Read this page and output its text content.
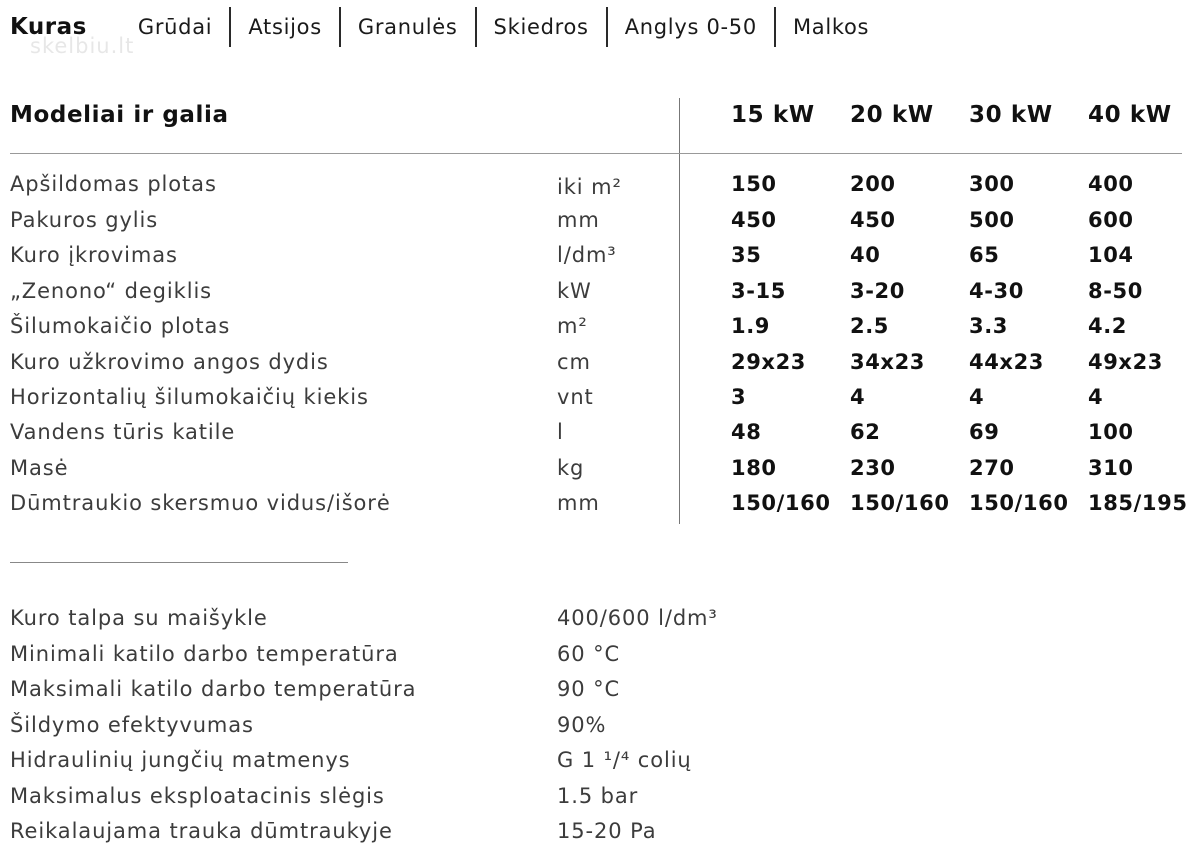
Kuras	Grūdai	Atsijos	Granulės	Skiedros	Anglys 0-50	Malkos
skelbiu.lt
Modeliai ir galia	15 kW 20 kW 30 kW 40 kW
Apšildomas plotas	iki m²	150	200	300	400
Pakuros gylis	mm	450	450	500	600
Kuro įkrovimas	l/dm³	35	40	65	104
„Zenono“ degiklis	kW	3-15	3-20	4-30	8-50
Šilumokaičio plotas	m²	1.9	2.5	3.3	4.2
Kuro užkrovimo angos dydis	cm	29x23 34x23 44x23 49x23
Horizontalių šilumokaičių kiekis	vnt	3	4	4	4
Vandens tūris katile	l	48	62	69	100
Masė	kg	180	230	270	310
Dūmtraukio skersmuo vidus/išorė	mm	150/160 150/160 150/160 185/195
Kuro talpa su maišykle	400/600 l/dm³
Minimali katilo darbo temperatūra	60 °C
Maksimali katilo darbo temperatūra	90 °C
Šildymo efektyvumas	90%
Hidraulinių jungčių matmenys	G 1 ¹/⁴ colių
Maksimalus eksploatacinis slėgis	1.5 bar
Reikalaujama trauka dūmtraukyje	15-20 Pa
